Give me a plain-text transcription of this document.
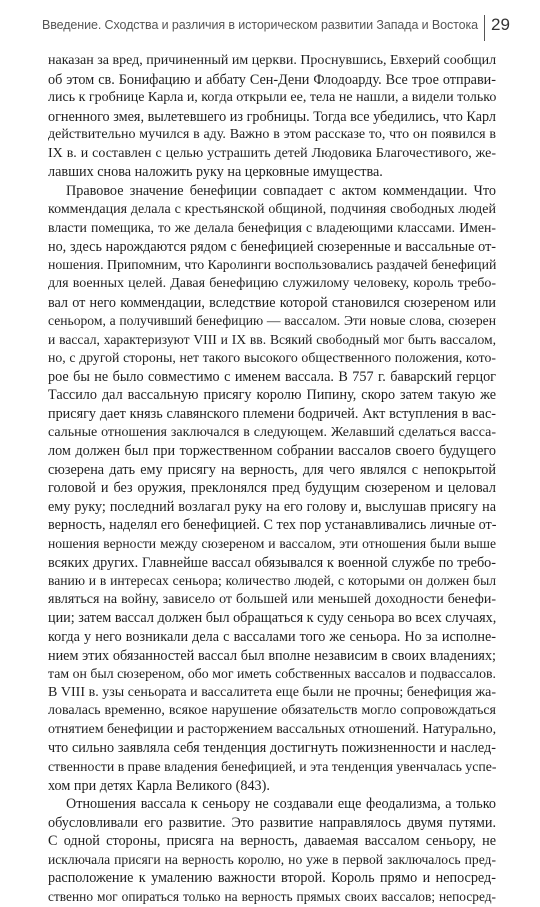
Введение. Сходства и различия в историческом развитии Запада и Востока 29
наказан за вред, причиненный им церкви. Проснувшись, Евхерий сообщил
об этом св. Бонифацию и аббату Сен-Дени Флодоарду. Все трое отправи-
лись к гробнице Карла и, когда открыли ее, тела не нашли, а видели только
огненного змея, вылетевшего из гробницы. Тогда все убедились, что Карл
действительно мучился в аду. Важно в этом рассказе то, что он появился в
IX в. и составлен с целью устрашить детей Людовика Благочестивого, же-
лавших снова наложить руку на церковные имущества.
Правовое значение бенефиции совпадает с актом коммендации. Что
коммендация делала с крестьянской общиной, подчиняя свободных людей
власти помещика, то же делала бенефиция с владеющими классами. Имен-
но, здесь нарождаются рядом с бенефицией сюзеренные и вассальные от-
ношения. Припомним, что Каролинги воспользовались раздачей бенефиций
для военных целей. Давая бенефицию служилому человеку, король требо-
вал от него коммендации, вследствие которой становился сюзереном или
сеньором, а получивший бенефицию — вассалом. Эти новые слова, сюзерен
и вассал, характеризуют VIII и IX вв. Всякий свободный мог быть вассалом,
но, с другой стороны, нет такого высокого общественного положения, кото-
рое бы не было совместимо с именем вассала. В 757 г. баварский герцог
Тассило дал вассальную присягу королю Пипину, скоро затем такую же
присягу дает князь славянского племени бодричей. Акт вступления в вас-
сальные отношения заключался в следующем. Желавший сделаться васса-
лом должен был при торжественном собрании вассалов своего будущего
сюзерена дать ему присягу на верность, для чего являлся с непокрытой
головой и без оружия, преклонялся пред будущим сюзереном и целовал
ему руку; последний возлагал руку на его голову и, выслушав присягу на
верность, наделял его бенефицией. С тех пор устанавливались личные от-
ношения верности между сюзереном и вассалом, эти отношения были выше
всяких других. Главнейше вассал обязывался к военной службе по требо-
ванию и в интересах сеньора; количество людей, с которыми он должен был
являться на войну, зависело от большей или меньшей доходности бенефи-
ции; затем вассал должен был обращаться к суду сеньора во всех случаях,
когда у него возникали дела с вассалами того же сеньора. Но за исполне-
нием этих обязанностей вассал был вполне независим в своих владениях;
там он был сюзереном, обо мог иметь собственных вассалов и подвассалов.
В VIII в. узы сеньората и вассалитета еще были не прочны; бенефиция жа-
ловалась временно, всякое нарушение обязательств могло сопровождаться
отнятием бенефиции и расторжением вассальных отношений. Натурально,
что сильно заявляла себя тенденция достигнуть пожизненности и наслед-
ственности в праве владения бенефицией, и эта тенденция увенчалась успе-
хом при детях Карла Великого (843).
Отношения вассала к сеньору не создавали еще феодализма, а только
обусловливали его развитие. Это развитие направлялось двумя путями.
С одной стороны, присяга на верность, даваемая вассалом сеньору, не
исключала присяги на верность королю, но уже в первой заключалось пред-
расположение к умалению важности второй. Король прямо и непосред-
ственно мог опираться только на верность прямых своих вассалов; непосред-
